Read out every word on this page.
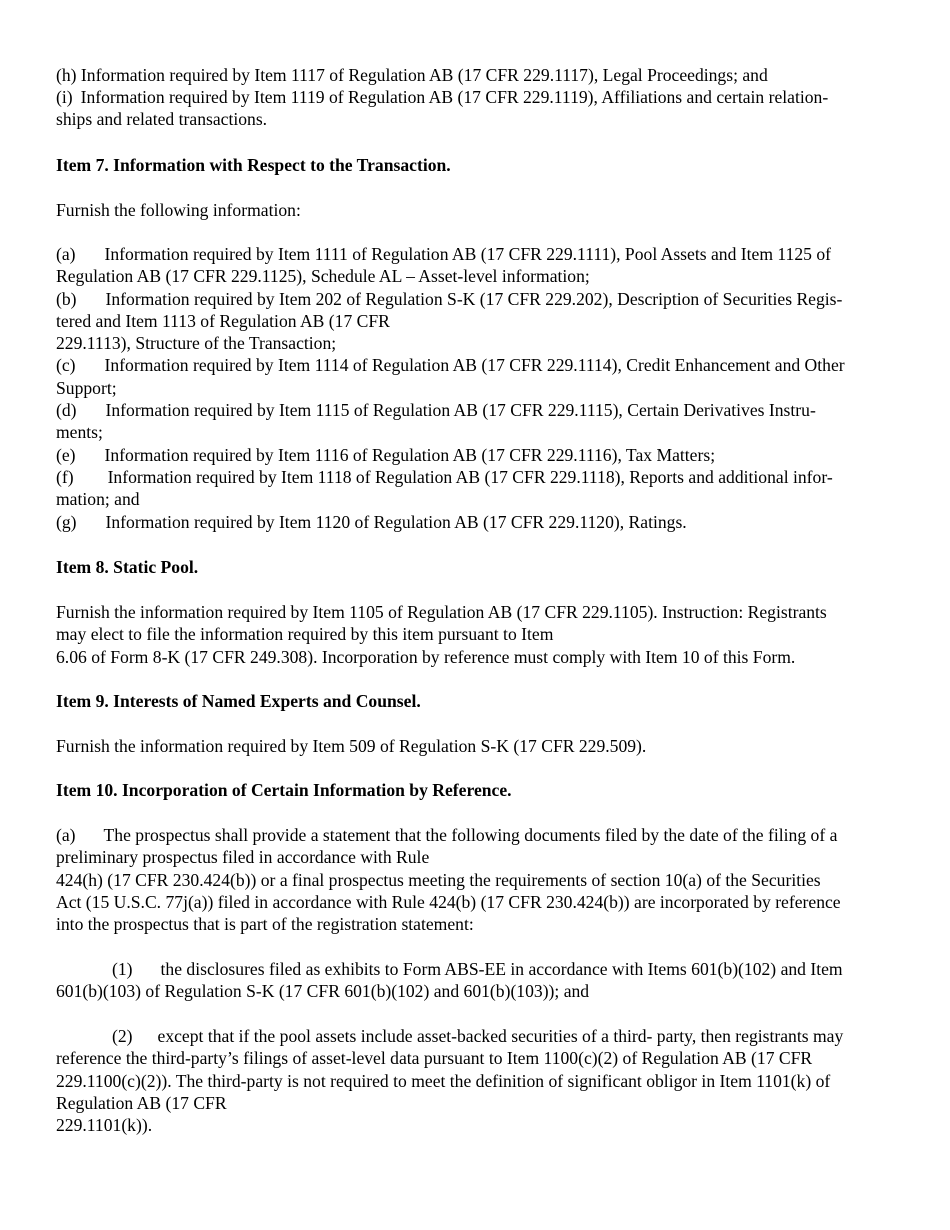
(h) Information required by Item 1117 of Regulation AB (17 CFR 229.1117), Legal Proceedings; and
(i) Information required by Item 1119 of Regulation AB (17 CFR 229.1119), Affiliations and certain relation-
ships and related transactions.
Item 7. Information with Respect to the Transaction.
Furnish the following information:
(a) Information required by Item 1111 of Regulation AB (17 CFR 229.1111), Pool Assets and Item 1125 of
Regulation AB (17 CFR 229.1125), Schedule AL – Asset-level information;
(b) Information required by Item 202 of Regulation S-K (17 CFR 229.202), Description of Securities Regis-
tered and Item 1113 of Regulation AB (17 CFR
229.1113), Structure of the Transaction;
(c) Information required by Item 1114 of Regulation AB (17 CFR 229.1114), Credit Enhancement and Other
Support;
(d) Information required by Item 1115 of Regulation AB (17 CFR 229.1115), Certain Derivatives Instru-
ments;
(e) Information required by Item 1116 of Regulation AB (17 CFR 229.1116), Tax Matters;
(f) Information required by Item 1118 of Regulation AB (17 CFR 229.1118), Reports and additional infor-
mation; and
(g) Information required by Item 1120 of Regulation AB (17 CFR 229.1120), Ratings.
Item 8. Static Pool.
Furnish the information required by Item 1105 of Regulation AB (17 CFR 229.1105). Instruction: Registrants
may elect to file the information required by this item pursuant to Item
6.06 of Form 8-K (17 CFR 249.308). Incorporation by reference must comply with Item 10 of this Form.
Item 9. Interests of Named Experts and Counsel.
Furnish the information required by Item 509 of Regulation S-K (17 CFR 229.509).
Item 10. Incorporation of Certain Information by Reference.
(a) The prospectus shall provide a statement that the following documents filed by the date of the filing of a
preliminary prospectus filed in accordance with Rule
424(h) (17 CFR 230.424(b)) or a final prospectus meeting the requirements of section 10(a) of the Securities
Act (15 U.S.C. 77j(a)) filed in accordance with Rule 424(b) (17 CFR 230.424(b)) are incorporated by reference
into the prospectus that is part of the registration statement:
(1) the disclosures filed as exhibits to Form ABS-EE in accordance with Items 601(b)(102) and Item
601(b)(103) of Regulation S-K (17 CFR 601(b)(102) and 601(b)(103)); and
(2) except that if the pool assets include asset-backed securities of a third- party, then registrants may
reference the third-party’s filings of asset-level data pursuant to Item 1100(c)(2) of Regulation AB (17 CFR
229.1100(c)(2)). The third-party is not required to meet the definition of significant obligor in Item 1101(k) of
Regulation AB (17 CFR
229.1101(k)).
